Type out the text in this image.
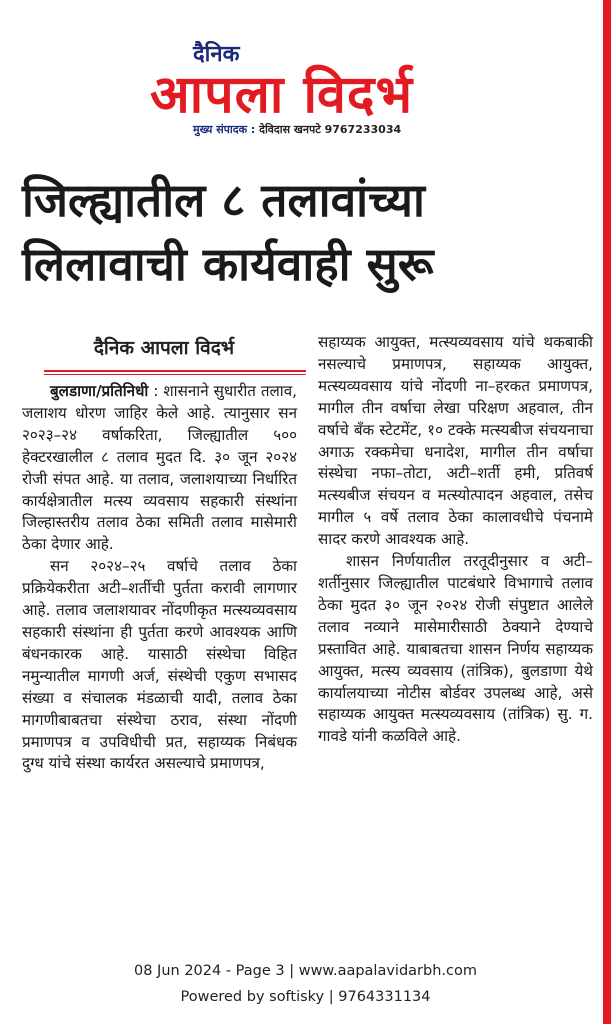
दैनिक
आपला विदर्भ
मुख्य संपादक : देविदास खनपटे 9767233034
जिल्ह्यातील ८ तलावांच्या
लिलावाची कार्यवाही सुरू
दैनिक आपला विदर्भ

बुलडाणा/प्रतिनिधी : शासनाने सुधारीत तलाव, जलाशय धोरण जाहिर केले आहे. त्यानुसार सन २०२३–२४ वर्षाकरिता, जिल्ह्यातील ५०० हेक्टरखालील ८ तलाव मुदत दि. ३० जून २०२४ रोजी संपत आहे. या तलाव, जलाशयाच्या निर्धारित कार्यक्षेत्रातील मत्स्य व्यवसाय सहकारी संस्थांना जिल्हास्तरीय तलाव ठेका समिती तलाव मासेमारी ठेका देणार आहे.

सन २०२४–२५ वर्षाचे तलाव ठेका प्रक्रियेकरीता अटी–शर्तीची पुर्तता करावी लागणार आहे. तलाव जलाशयावर नोंदणीकृत मत्स्यव्यवसाय सहकारी संस्थांना ही पुर्तता करणे आवश्यक आणि बंधनकारक आहे. यासाठी संस्थेचा विहित नमुन्यातील मागणी अर्ज, संस्थेची एकुण सभासद संख्या व संचालक मंडळाची यादी, तलाव ठेका मागणीबाबतचा संस्थेचा ठराव, संस्था नोंदणी प्रमाणपत्र व उपविधीची प्रत, सहाय्यक निबंधक दुग्ध यांचे संस्था कार्यरत असल्याचे प्रमाणपत्र,

सहाय्यक आयुक्त, मत्स्यव्यवसाय यांचे थकबाकी नसल्याचे प्रमाणपत्र, सहाय्यक आयुक्त, मत्स्यव्यवसाय यांचे नोंदणी ना–हरकत प्रमाणपत्र, मागील तीन वर्षाचा लेखा परिक्षण अहवाल, तीन वर्षाचे बँक स्टेटमेंट, १० टक्के मत्स्यबीज संचयनाचा अगाऊ रक्कमेचा धनादेश, मागील तीन वर्षाचा संस्थेचा नफा–तोटा, अटी–शर्ती हमी, प्रतिवर्ष मत्स्यबीज संचयन व मत्स्योत्पादन अहवाल, तसेच मागील ५ वर्षे तलाव ठेका कालावधीचे पंचनामे सादर करणे आवश्यक आहे.

शासन निर्णयातील तरतूदीनुसार व अटी–शर्तीनुसार जिल्ह्यातील पाटबंधारे विभागाचे तलाव ठेका मुदत ३० जून २०२४ रोजी संपुष्टात आलेले तलाव नव्याने मासेमारीसाठी ठेक्याने देण्याचे प्रस्तावित आहे. याबाबतचा शासन निर्णय सहाय्यक आयुक्त, मत्स्य व्यवसाय (तांत्रिक), बुलडाणा येथे कार्यालयाच्या नोटीस बोर्डवर उपलब्ध आहे, असे सहाय्यक आयुक्त मत्स्यव्यवसाय (तांत्रिक) सु. ग. गावडे यांनी कळविले आहे.

08 Jun 2024 - Page 3 | www.aapalavidarbh.com
Powered by softisky | 9764331134
